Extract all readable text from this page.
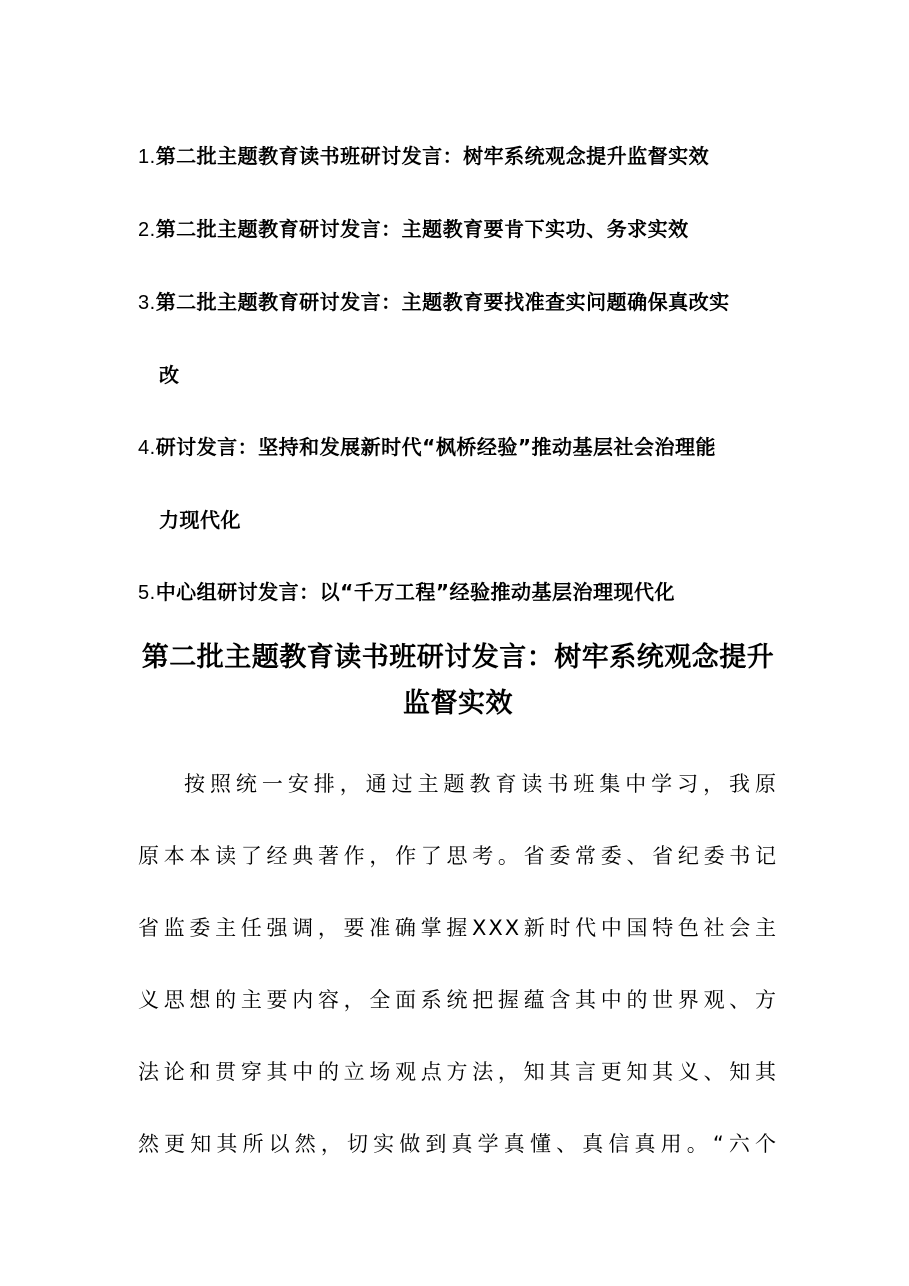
1.第二批主题教育读书班研讨发言：树牢系统观念提升监督实效
2.第二批主题教育研讨发言：主题教育要肯下实功、务求实效
3.第二批主题教育研讨发言：主题教育要找准查实问题确保真改实
改
4.研讨发言：坚持和发展新时代“枫桥经验”推动基层社会治理能
力现代化
5.中心组研讨发言：以“千万工程”经验推动基层治理现代化
第二批主题教育读书班研讨发言：树牢系统观念提升
监督实效
按照统一安排，通过主题教育读书班集中学习，我原
原本本读了经典著作，作了思考。省委常委、省纪委书记
省监委主任强调，要准确掌握XXX新时代中国特色社会主
义思想的主要内容，全面系统把握蕴含其中的世界观、方
法论和贯穿其中的立场观点方法，知其言更知其义、知其
然更知其所以然，切实做到真学真懂、真信真用。“六个
